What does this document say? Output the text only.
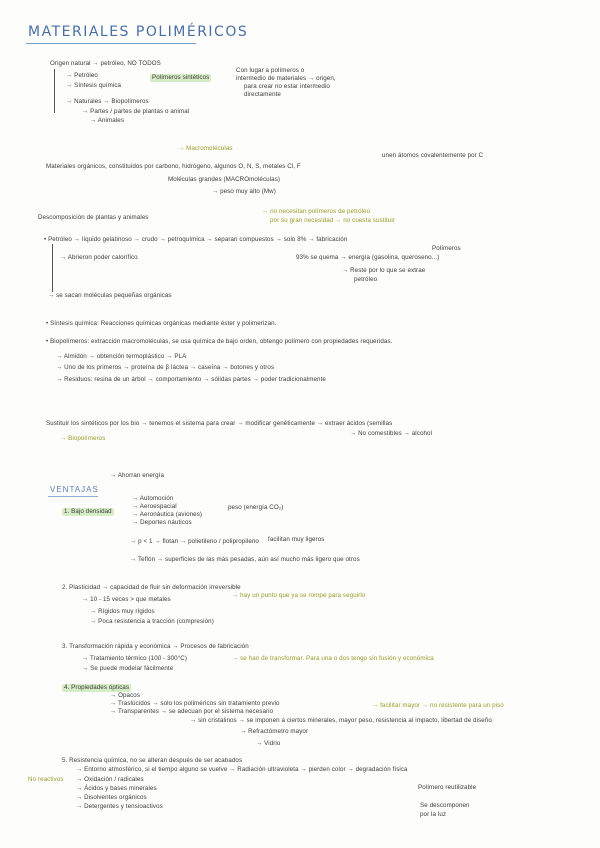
MATERIALES POLIMÉRICOS
Origen natural → petróleo, NO TODOS
→ Petróleo
→ Síntesis química
Polímeros sintéticos
Con lugar a polímeros o
intermedio de materiales → origen,
para crear no estar intermedio
directamente
→ Naturales → Biopolímeros
→ Partes / partes de plantas o animal
→ Animales
→ Macromoléculas
Materiales orgánicos, constituidos por carbono, hidrógeno, algunos O, N, S, metales Cl, F
unen átomos covalentemente por C
Moléculas grandes (MACROmoléculas)
→ peso muy alto (Mw)
Descomposición de plantas y animales
→ no necesitan polímeros de petróleo
por su gran necesidad → no cuesta sustituir
• Petróleo → líquido gelatinoso → crudo → petroquímica → separan compuestos → solo 8% → fabricación
Polímeros
93% se quema → energía (gasolina, queroseno...)
→ Abrieron poder calorífico
→ Reste por lo que se extrae
petróleo
→ se sacan moléculas pequeñas orgánicas
• Síntesis química: Reacciones químicas orgánicas mediante éster y polimerizan.
• Biopolímeros: extracción macromoléculas, se usa química de bajo orden, obtengo polímero con propiedades requeridas.
→ Almidón → obtención termoplástico → PLA
→ Uno de los primeros → proteína de β láctea → caseína → botones y otros
→ Residuos: resina de un árbol → comportamiento → sólidas partes → poder tradicionalmente
Sustituir los sintéticos por los bio → tenemos el sistema para crear → modificar genéticamente → extraer ácidos (semillas
→ Biopolímeros
→ No comestibles → alcohol
VENTAJAS
→ Ahorran energía
1. Bajo densidad
→ Automoción
→ Aeroespacial
→ Aeronáutica (aviones)
→ Deportes náuticos
peso (energía CO₂)
→ p < 1 → flotan → polietileno / polipropileno facilitan muy ligeros
→ Teflón → superficies de las más pesadas, aún así mucho más ligero que otros
2. Plasticidad → capacidad de fluir sin deformación irreversible
→ hay un punto que ya se rompe para seguirlo
→ 10 - 15 veces > que metales
→ Rígidos muy rígidos
→ Poca resistencia a tracción (compresión)
3. Transformación rápida y económica → Procesos de fabricación
→ Tratamiento térmico (100 - 300°C)	→ se han de transformar. Para una o dos tengo sin fusión y económica
→ Se puede modelar fácilmente
4. Propiedades ópticas
→ Opacos
→ Traslúcidos → solo los poliméricos sin tratamiento previo
→ Transparentes → se adecuan por el sistema necesario
→ sin cristalinos → se imponen a ciertos minerales, mayor peso, resistencia al impacto, libertad de diseño
→ Refractómetro mayor
→ Vidrio
→ facilitar mayor → no resistente para un piso
5. Resistencia química, no se alteran después de ser acabados
→ Entorno atmosférico, si el tiempo alguno se vuelve → Radiación ultravioleta → pierden color → degradación física
→ Oxidación / radicales
→ Ácidos y bases minerales
→ Disolventes orgánicos
→ Detergentes y tensioactivos
No reactivos
Polímero reutilizable
Se descomponen
por la luz
